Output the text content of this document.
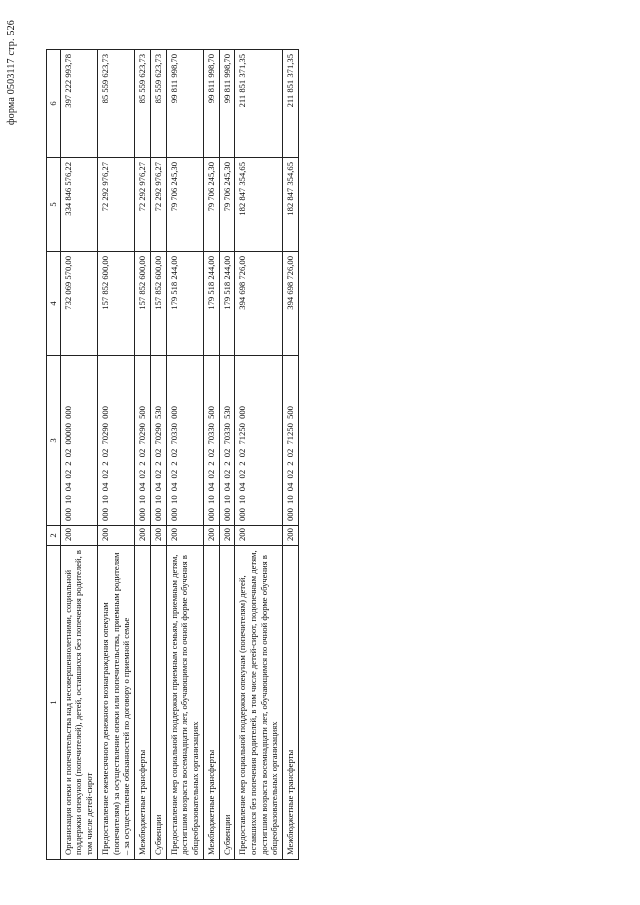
форма 0503117 стр. 526
1	2	3	4	5	6
Организация опеки и попечительства над несовершеннолетними, социальной поддержки опекунов (попечителей), детей, оставшихся без попечения родителей, в том числе детей-сирот	200	000 10 04 02 2 02 00000 000	732 069 570,00	334 846 576,22	397 222 993,78
Предоставление ежемесячного денежного вознаграждения опекунам (попечителям) за осуществление опеки или попечительства, приемным родителям – за осуществление обязанностей по договору о приемной семье	200	000 10 04 02 2 02 70290 000	157 852 600,00	72 292 976,27	85 559 623,73
Межбюджетные трансферты	200	000 10 04 02 2 02 70290 500	157 852 600,00	72 292 976,27	85 559 623,73
Субвенции	200	000 10 04 02 2 02 70290 530	157 852 600,00	72 292 976,27	85 559 623,73
Предоставление мер социальной поддержки приемным семьям, приемным детям, достигшим возраста восемнадцати лет, обучающимся по очной форме обучения в общеобразовательных организациях	200	000 10 04 02 2 02 70330 000	179 518 244,00	79 706 245,30	99 811 998,70
Межбюджетные трансферты	200	000 10 04 02 2 02 70330 500	179 518 244,00	79 706 245,30	99 811 998,70
Субвенции	200	000 10 04 02 2 02 70330 530	179 518 244,00	79 706 245,30	99 811 998,70
Предоставление мер социальной поддержки опекунам (попечителям) детей, оставшихся без попечения родителей, в том числе детей-сирот, подопечным детям, достигшим возраста восемнадцати лет, обучающимся по очной форме обучения в общеобразовательных организациях	200	000 10 04 02 2 02 71250 000	394 698 726,00	182 847 354,65	211 851 371,35
Межбюджетные трансферты	200	000 10 04 02 2 02 71250 500	394 698 726,00	182 847 354,65	211 851 371,35
